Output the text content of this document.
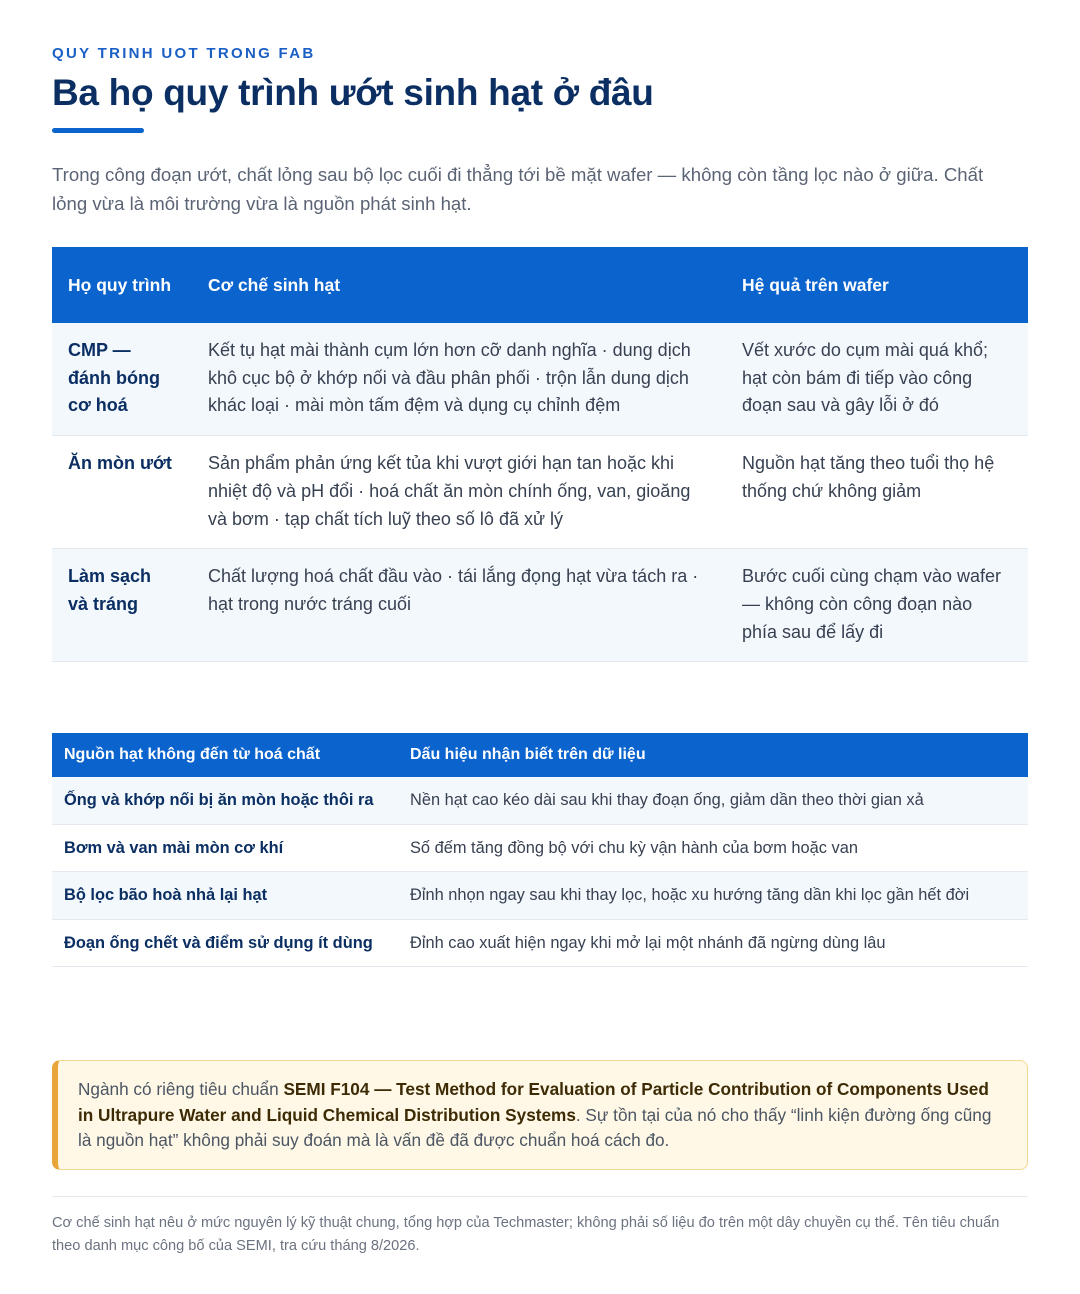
QUY TRINH UOT TRONG FAB
Ba họ quy trình ướt sinh hạt ở đâu

Trong công đoạn ướt, chất lỏng sau bộ lọc cuối đi thẳng tới bề mặt wafer — không còn tầng lọc nào ở giữa. Chất lỏng vừa là môi trường vừa là nguồn phát sinh hạt.

Họ quy trình	Cơ chế sinh hạt	Hệ quả trên wafer
CMP — đánh bóng cơ hoá	Kết tụ hạt mài thành cụm lớn hơn cỡ danh nghĩa · dung dịch khô cục bộ ở khớp nối và đầu phân phối · trộn lẫn dung dịch khác loại · mài mòn tấm đệm và dụng cụ chỉnh đệm	Vết xước do cụm mài quá khổ; hạt còn bám đi tiếp vào công đoạn sau và gây lỗi ở đó
Ăn mòn ướt	Sản phẩm phản ứng kết tủa khi vượt giới hạn tan hoặc khi nhiệt độ và pH đổi · hoá chất ăn mòn chính ống, van, gioăng và bơm · tạp chất tích luỹ theo số lô đã xử lý	Nguồn hạt tăng theo tuổi thọ hệ thống chứ không giảm
Làm sạch và tráng	Chất lượng hoá chất đầu vào · tái lắng đọng hạt vừa tách ra · hạt trong nước tráng cuối	Bước cuối cùng chạm vào wafer — không còn công đoạn nào phía sau để lấy đi
Nguồn hạt không đến từ hoá chất	Dấu hiệu nhận biết trên dữ liệu
Ống và khớp nối bị ăn mòn hoặc thôi ra	Nền hạt cao kéo dài sau khi thay đoạn ống, giảm dần theo thời gian xả
Bơm và van mài mòn cơ khí	Số đếm tăng đồng bộ với chu kỳ vận hành của bơm hoặc van
Bộ lọc bão hoà nhả lại hạt	Đỉnh nhọn ngay sau khi thay lọc, hoặc xu hướng tăng dần khi lọc gần hết đời
Đoạn ống chết và điểm sử dụng ít dùng	Đỉnh cao xuất hiện ngay khi mở lại một nhánh đã ngừng dùng lâu
Ngành có riêng tiêu chuẩn SEMI F104 — Test Method for Evaluation of Particle Contribution of Components Used in Ultrapure Water and Liquid Chemical Distribution Systems. Sự tồn tại của nó cho thấy “linh kiện đường ống cũng là nguồn hạt” không phải suy đoán mà là vấn đề đã được chuẩn hoá cách đo.

Cơ chế sinh hạt nêu ở mức nguyên lý kỹ thuật chung, tổng hợp của Techmaster; không phải số liệu đo trên một dây chuyền cụ thể. Tên tiêu chuẩn theo danh mục công bố của SEMI, tra cứu tháng 8/2026.
